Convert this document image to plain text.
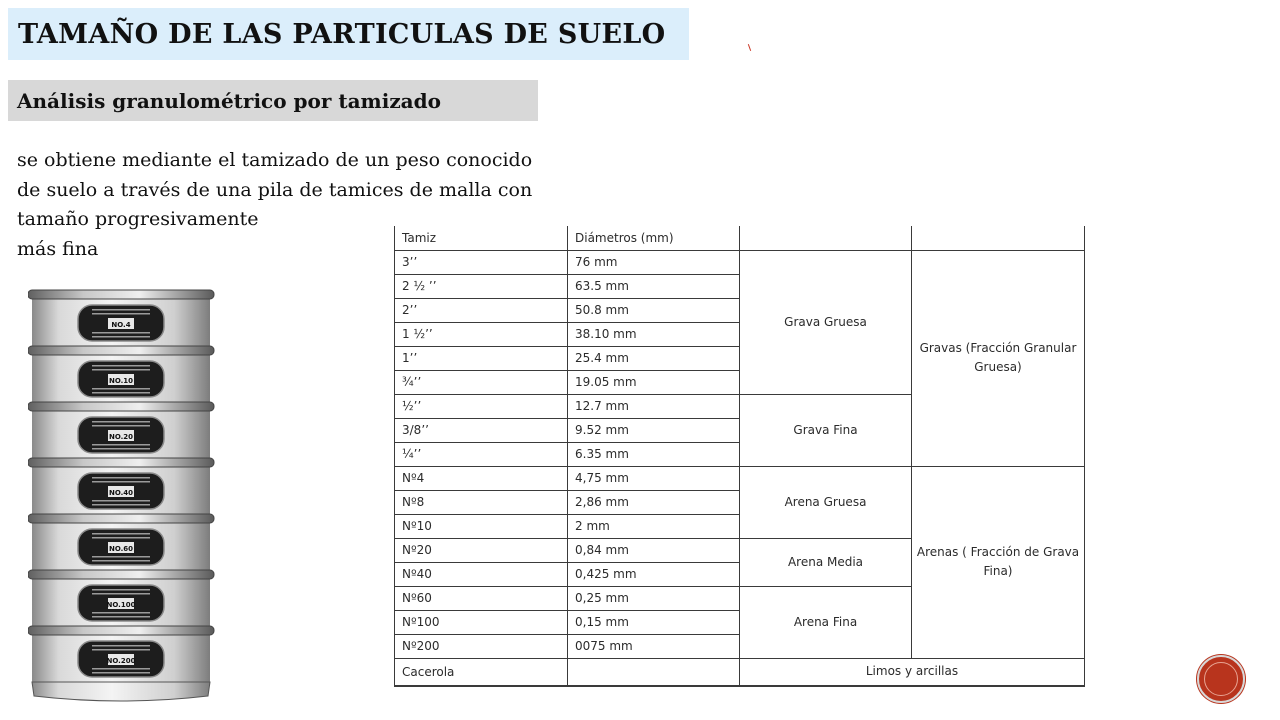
TAMAÑO DE LAS PARTICULAS DE SUELO
Análisis granulométrico por tamizado
se obtiene mediante el tamizado de un peso conocido
de suelo a través de una pila de tamices de malla con
tamaño progresivamente
más fina
NO.4
NO.10
NO.20
NO.40
NO.60
NO.100
NO.200
Tamiz	Diámetros (mm)		
3’’	76 mm	Grava Gruesa	Gravas (Fracción Granular Gruesa)
2 ½ ’’	63.5 mm		
2’’	50.8 mm		
1 ½’’	38.10 mm		
1’’	25.4 mm		
¾’’	19.05 mm		
½’’	12.7 mm	Grava Fina	
3/8’’	9.52 mm		
¼’’	6.35 mm		
Nº4	4,75 mm	Arena Gruesa	Arenas ( Fracción de Grava Fina)
Nº8	2,86 mm		
Nº10	2 mm		
Nº20	0,84 mm	Arena Media	
Nº40	0,425 mm		
Nº60	0,25 mm	Arena Fina	
Nº100	0,15 mm		
Nº200	0075 mm		
Cacerola		Limos y arcillas	
